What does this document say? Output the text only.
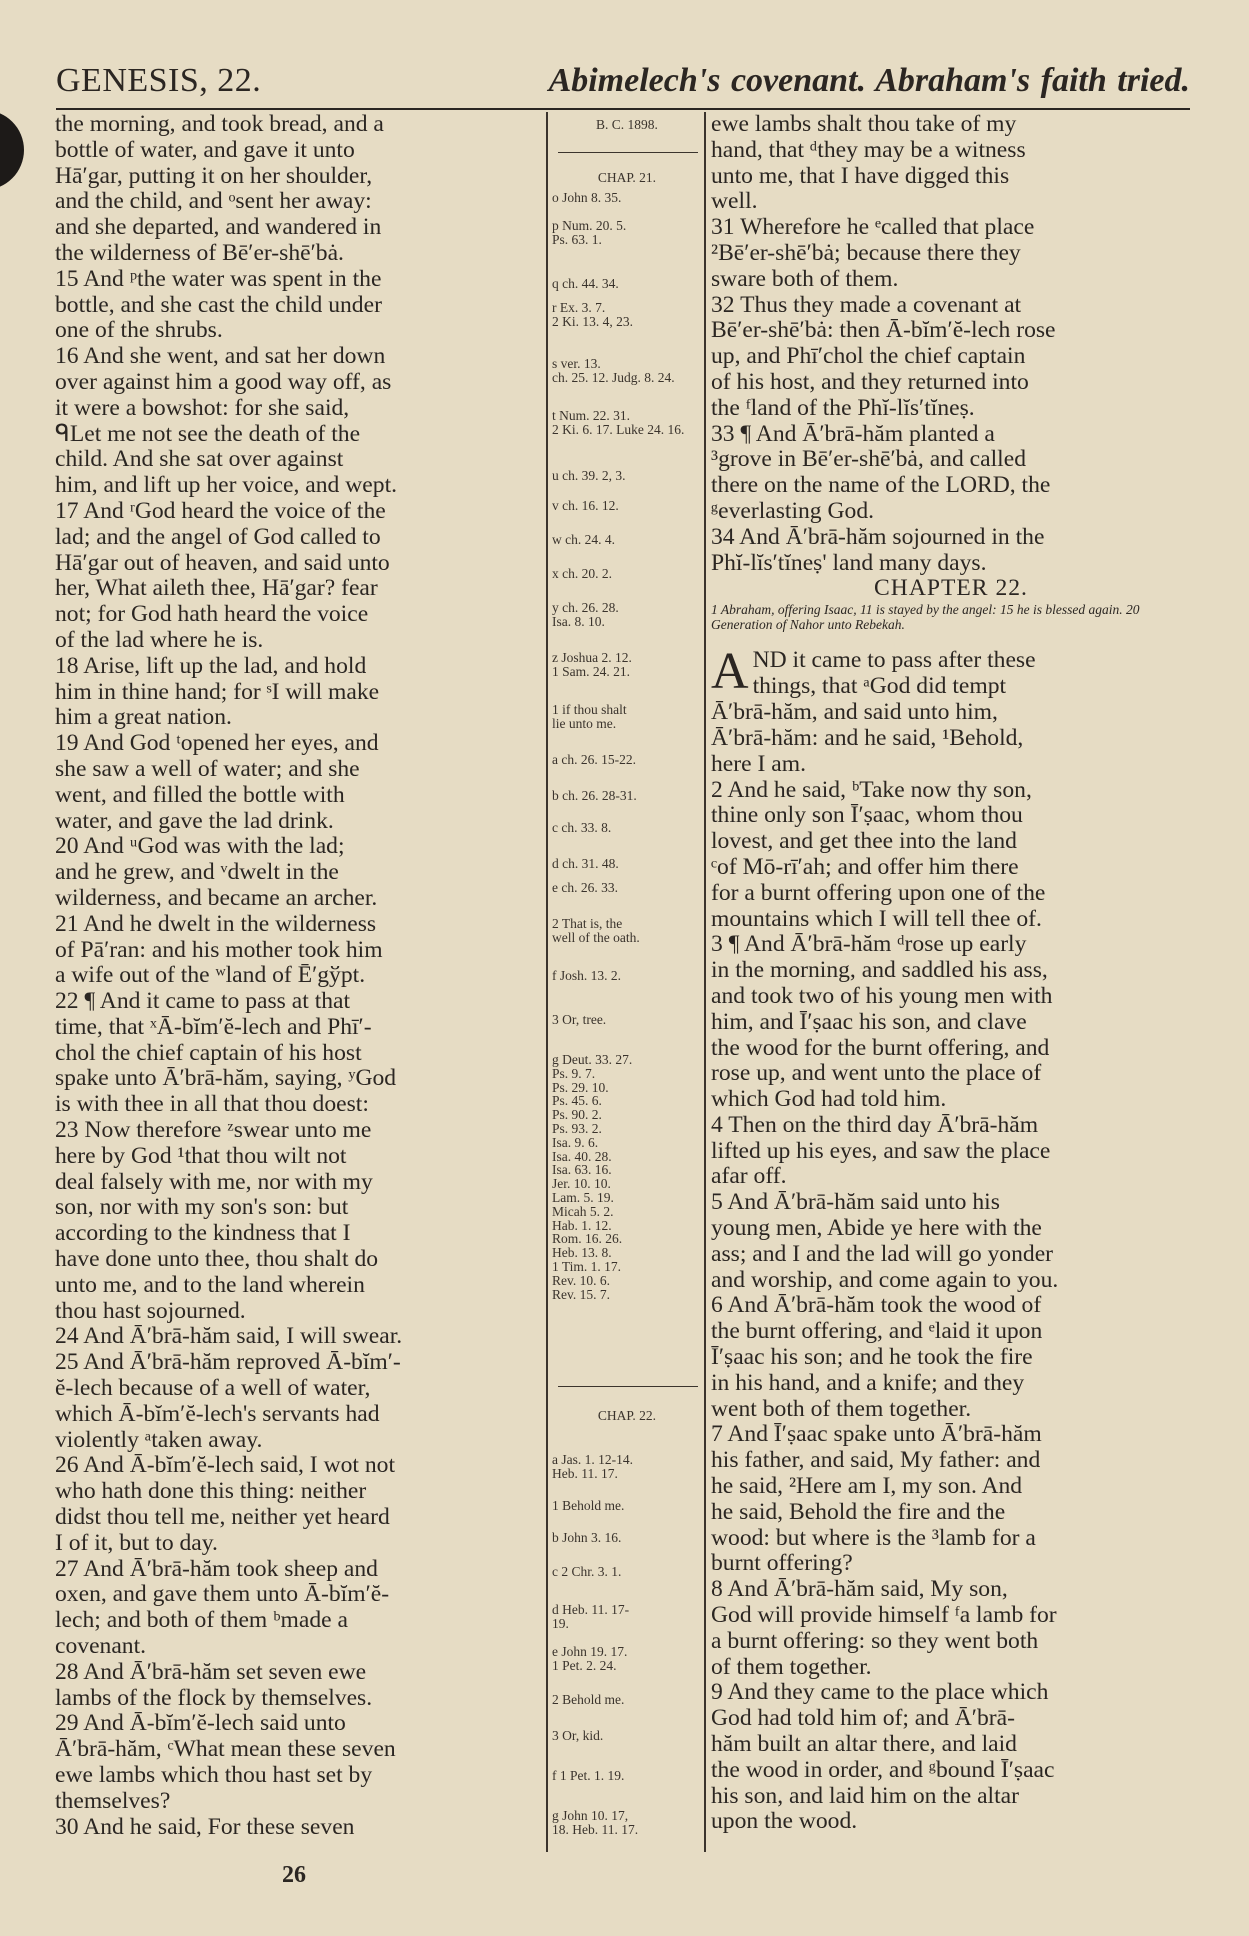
GENESIS, 22.	Abimelech's covenant. Abraham's faith tried.
the morning, and took bread, and a
bottle of water, and gave it unto
Hā′gar, putting it on her shoulder,
and the child, and ᵒsent her away:
and she departed, and wandered in
the wilderness of Bē′er-shē′bȧ.
15 And ᵖthe water was spent in the
bottle, and she cast the child under
one of the shrubs.
16 And she went, and sat her down
over against him a good way off, as
it were a bowshot: for she said,
ᑫLet me not see the death of the
child. And she sat over against
him, and lift up her voice, and wept.
17 And ʳGod heard the voice of the
lad; and the angel of God called to
Hā′gar out of heaven, and said unto
her, What aileth thee, Hā′gar? fear
not; for God hath heard the voice
of the lad where he is.
18 Arise, lift up the lad, and hold
him in thine hand; for ˢI will make
him a great nation.
19 And God ᵗopened her eyes, and
she saw a well of water; and she
went, and filled the bottle with
water, and gave the lad drink.
20 And ᵘGod was with the lad;
and he grew, and ᵛdwelt in the
wilderness, and became an archer.
21 And he dwelt in the wilderness
of Pā′ran: and his mother took him
a wife out of the ʷland of Ē′gўpt.
22 ¶ And it came to pass at that
time, that ˣĀ-bĭm′ĕ-lech and Phī′-
chol the chief captain of his host
spake unto Ā′brā-hăm, saying, ʸGod
is with thee in all that thou doest:
23 Now therefore ᶻswear unto me
here by God ¹that thou wilt not
deal falsely with me, nor with my
son, nor with my son's son: but
according to the kindness that I
have done unto thee, thou shalt do
unto me, and to the land wherein
thou hast sojourned.
24 And Ā′brā-hăm said, I will swear.
25 And Ā′brā-hăm reproved Ā-bĭm′-
ĕ-lech because of a well of water,
which Ā-bĭm′ĕ-lech's servants had
violently ᵃtaken away.
26 And Ā-bĭm′ĕ-lech said, I wot not
who hath done this thing: neither
didst thou tell me, neither yet heard
I of it, but to day.
27 And Ā′brā-hăm took sheep and
oxen, and gave them unto Ā-bĭm′ĕ-
lech; and both of them ᵇmade a
covenant.
28 And Ā′brā-hăm set seven ewe
lambs of the flock by themselves.
29 And Ā-bĭm′ĕ-lech said unto
Ā′brā-hăm, ᶜWhat mean these seven
ewe lambs which thou hast set by
themselves?
30 And he said, For these seven
B. C. 1898.
CHAP. 21.
o John 8. 35.
p Num. 20. 5.
Ps. 63. 1.
q ch. 44. 34.
r Ex. 3. 7.
2 Ki. 13. 4, 23.
s ver. 13.
ch. 25. 12. Judg. 8. 24.
t Num. 22. 31.
2 Ki. 6. 17. Luke 24. 16.
u ch. 39. 2, 3.
v ch. 16. 12.
w ch. 24. 4.
x ch. 20. 2.
y ch. 26. 28.
Isa. 8. 10.
z Joshua 2. 12.
1 Sam. 24. 21.
1 if thou shalt
lie unto me.
a ch. 26. 15-22.
b ch. 26. 28-31.
c ch. 33. 8.
d ch. 31. 48.
e ch. 26. 33.
2 That is, the
well of the oath.
f Josh. 13. 2.
3 Or, tree.
g Deut. 33. 27.
Ps. 9. 7.
Ps. 29. 10.
Ps. 45. 6.
Ps. 90. 2.
Ps. 93. 2.
Isa. 9. 6.
Isa. 40. 28.
Isa. 63. 16.
Jer. 10. 10.
Lam. 5. 19.
Micah 5. 2.
Hab. 1. 12.
Rom. 16. 26.
Heb. 13. 8.
1 Tim. 1. 17.
Rev. 10. 6.
Rev. 15. 7.
CHAP. 22.
a Jas. 1. 12-14.
Heb. 11. 17.
1 Behold me.
b John 3. 16.
c 2 Chr. 3. 1.
d Heb. 11. 17-
19.
e John 19. 17.
1 Pet. 2. 24.
2 Behold me.
3 Or, kid.
f 1 Pet. 1. 19.
g John 10. 17,
18. Heb. 11. 17.
ewe lambs shalt thou take of my
hand, that ᵈthey may be a witness
unto me, that I have digged this
well.
31 Wherefore he ᵉcalled that place
²Bē′er-shē′bȧ; because there they
sware both of them.
32 Thus they made a covenant at
Bē′er-shē′bȧ: then Ā-bĭm′ĕ-lech rose
up, and Phī′chol the chief captain
of his host, and they returned into
the ᶠland of the Phĭ-lĭs′tĭneṣ.
33 ¶ And Ā′brā-hăm planted a
³grove in Bē′er-shē′bȧ, and called
there on the name of the LORD, the
ᵍeverlasting God.
34 And Ā′brā-hăm sojourned in the
Phĭ-lĭs′tĭneṣ' land many days.
CHAPTER 22.
1 Abraham, offering Isaac, 11 is stayed by the angel: 15 he is blessed again. 20 Generation of Nahor unto Rebekah.
A ND it came to pass after these
things, that ᵃGod did tempt
Ā′brā-hăm, and said unto him,
Ā′brā-hăm: and he said, ¹Behold,
here I am.
2 And he said, ᵇTake now thy son,
thine only son Ī′ṣaac, whom thou
lovest, and get thee into the land
ᶜof Mō-rī′ah; and offer him there
for a burnt offering upon one of the
mountains which I will tell thee of.
3 ¶ And Ā′brā-hăm ᵈrose up early
in the morning, and saddled his ass,
and took two of his young men with
him, and Ī′ṣaac his son, and clave
the wood for the burnt offering, and
rose up, and went unto the place of
which God had told him.
4 Then on the third day Ā′brā-hăm
lifted up his eyes, and saw the place
afar off.
5 And Ā′brā-hăm said unto his
young men, Abide ye here with the
ass; and I and the lad will go yonder
and worship, and come again to you.
6 And Ā′brā-hăm took the wood of
the burnt offering, and ᵉlaid it upon
Ī′ṣaac his son; and he took the fire
in his hand, and a knife; and they
went both of them together.
7 And Ī′ṣaac spake unto Ā′brā-hăm
his father, and said, My father: and
he said, ²Here am I, my son. And
he said, Behold the fire and the
wood: but where is the ³lamb for a
burnt offering?
8 And Ā′brā-hăm said, My son,
God will provide himself ᶠa lamb for
a burnt offering: so they went both
of them together.
9 And they came to the place which
God had told him of; and Ā′brā-
hăm built an altar there, and laid
the wood in order, and ᵍbound Ī′ṣaac
his son, and laid him on the altar
upon the wood.
26
